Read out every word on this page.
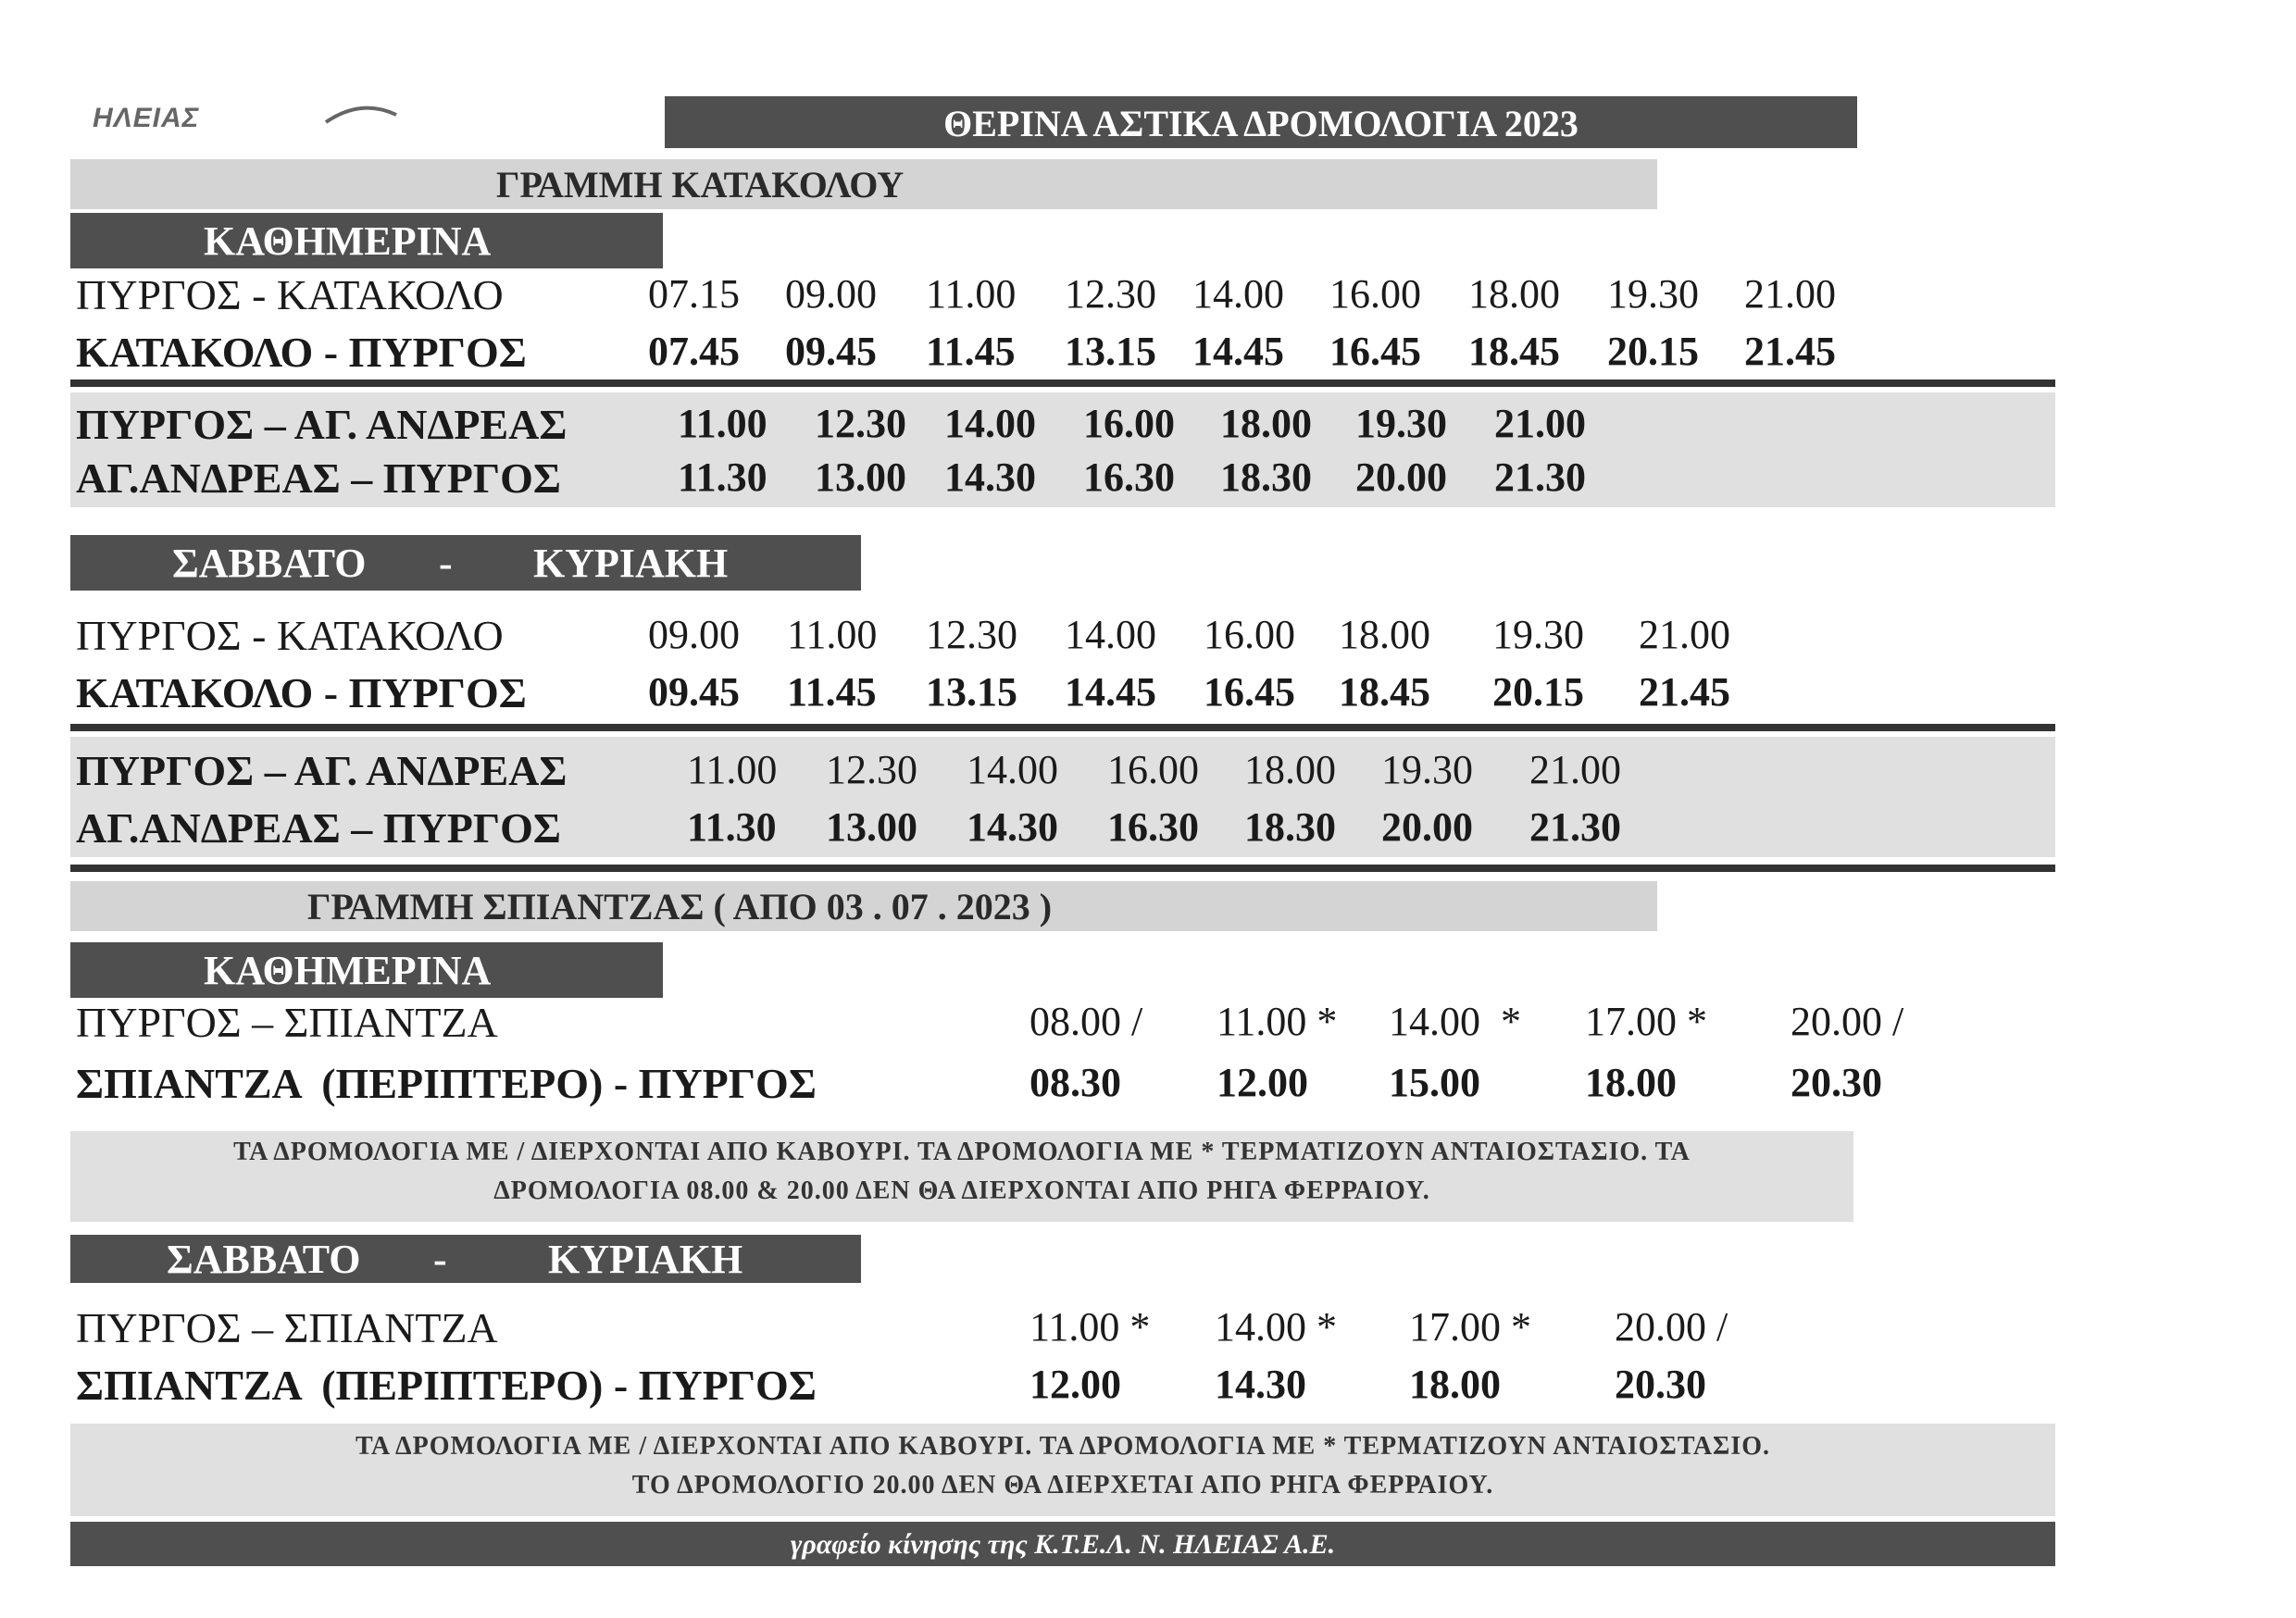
ΗΛΕΙΑΣ	ΘΕΡΙΝΑ ΑΣΤΙΚΑ ΔΡΟΜΟΛΟΓΙΑ 2023
ΓΡΑΜΜΗ ΚΑΤΑΚΟΛΟΥ
ΚΑΘΗΜΕΡΙΝΑ
ΠΥΡΓΟΣ - ΚΑΤΑΚΟΛΟ	07.15 09.00 11.00 12.30 14.00 16.00 18.00 19.30 21.00
ΚΑΤΑΚΟΛΟ - ΠΥΡΓΟΣ	07.45 09.45 11.45 13.15 14.45 16.45 18.45 20.15 21.45
ΠΥΡΓΟΣ – ΑΓ. ΑΝΔΡΕΑΣ	11.00 12.30 14.00 16.00 18.00 19.30 21.00
ΑΓ.ΑΝΔΡΕΑΣ – ΠΥΡΓΟΣ	11.30 13.00 14.30 16.30 18.30 20.00 21.30
ΣΑΒΒΑΤΟ - ΚΥΡΙΑΚΗ
ΠΥΡΓΟΣ - ΚΑΤΑΚΟΛΟ	09.00 11.00 12.30 14.00 16.00 18.00 19.30 21.00
ΚΑΤΑΚΟΛΟ - ΠΥΡΓΟΣ	09.45 11.45 13.15 14.45 16.45 18.45 20.15 21.45
ΠΥΡΓΟΣ – ΑΓ. ΑΝΔΡΕΑΣ	11.00 12.30 14.00 16.00 18.00 19.30 21.00
ΑΓ.ΑΝΔΡΕΑΣ – ΠΥΡΓΟΣ	11.30 13.00 14.30 16.30 18.30 20.00 21.30
ΓΡΑΜΜΗ ΣΠΙΑΝΤΖΑΣ ( ΑΠΟ 03 . 07 . 2023 )
ΚΑΘΗΜΕΡΙΝΑ
ΠΥΡΓΟΣ – ΣΠΙΑΝΤΖΑ	08.00 / 11.00 * 14.00  * 17.00 * 20.00 /
ΣΠΙΑΝΤΖΑ  (ΠΕΡΙΠΤΕΡΟ) - ΠΥΡΓΟΣ	08.30 12.00 15.00	18.00	20.30
ΤΑ ΔΡΟΜΟΛΟΓΙΑ ΜΕ / ΔΙΕΡΧΟΝΤΑΙ ΑΠΟ ΚΑΒΟΥΡΙ. ΤΑ ΔΡΟΜΟΛΟΓΙΑ ΜΕ * ΤΕΡΜΑΤΙΖΟΥΝ ΑΝΤΑΙΟΣΤΑΣΙΟ. ΤΑ
ΔΡΟΜΟΛΟΓΙΑ 08.00 & 20.00 ΔΕΝ ΘΑ ΔΙΕΡΧΟΝΤΑΙ ΑΠΟ ΡΗΓΑ ΦΕΡΡΑΙΟΥ.
ΣΑΒΒΑΤΟ - ΚΥΡΙΑΚΗ
ΠΥΡΓΟΣ – ΣΠΙΑΝΤΖΑ	11.00 * 14.00 * 17.00 * 20.00 /
ΣΠΙΑΝΤΖΑ  (ΠΕΡΙΠΤΕΡΟ) - ΠΥΡΓΟΣ	12.00 14.30	18.00	20.30
ΤΑ ΔΡΟΜΟΛΟΓΙΑ ΜΕ / ΔΙΕΡΧΟΝΤΑΙ ΑΠΟ ΚΑΒΟΥΡΙ. ΤΑ ΔΡΟΜΟΛΟΓΙΑ ΜΕ * ΤΕΡΜΑΤΙΖΟΥΝ ΑΝΤΑΙΟΣΤΑΣΙΟ.
ΤΟ ΔΡΟΜΟΛΟΓΙΟ 20.00 ΔΕΝ ΘΑ ΔΙΕΡΧΕΤΑΙ ΑΠΟ ΡΗΓΑ ΦΕΡΡΑΙΟΥ.
γραφείο κίνησης της Κ.Τ.Ε.Λ. Ν. ΗΛΕΙΑΣ Α.Ε.
